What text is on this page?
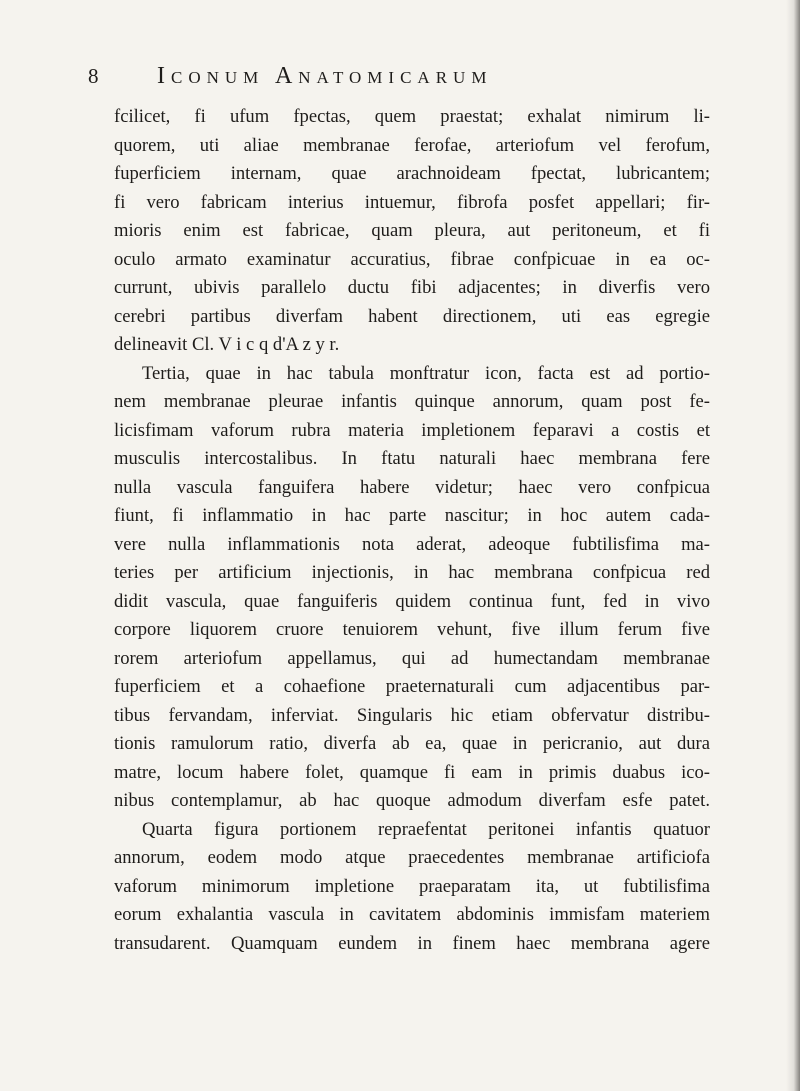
8 Iconum Anatomicarum
fcilicet, fi ufum fpectas, quem praestat; exhalat nimirum li-
quorem, uti aliae membranae ferofae, arteriofum vel ferofum,
fuperficiem internam, quae arachnoideam fpectat, lubricantem;
fi vero fabricam interius intuemur, fibrofa posfet appellari; fir-
mioris enim est fabricae, quam pleura, aut peritoneum, et fi
oculo armato examinatur accuratius, fibrae confpicuae in ea oc-
currunt, ubivis parallelo ductu fibi adjacentes; in diverfis vero
cerebri partibus diverfam habent directionem, uti eas egregie
delineavit Cl. V i c q d'A z y r.
Tertia, quae in hac tabula monftratur icon, facta est ad portio-
nem membranae pleurae infantis quinque annorum, quam post fe-
licisfimam vaforum rubra materia impletionem feparavi a costis et
musculis intercostalibus. In ftatu naturali haec membrana fere
nulla vascula fanguifera habere videtur; haec vero confpicua
fiunt, fi inflammatio in hac parte nascitur; in hoc autem cada-
vere nulla inflammationis nota aderat, adeoque fubtilisfima ma-
teries per artificium injectionis, in hac membrana confpicua red
didit vascula, quae fanguiferis quidem continua funt, fed in vivo
corpore liquorem cruore tenuiorem vehunt, five illum ferum five
rorem arteriofum appellamus, qui ad humectandam membranae
fuperficiem et a cohaefione praeternaturali cum adjacentibus par-
tibus fervandam, inferviat. Singularis hic etiam obfervatur distribu-
tionis ramulorum ratio, diverfa ab ea, quae in pericranio, aut dura
matre, locum habere folet, quamque fi eam in primis duabus ico-
nibus contemplamur, ab hac quoque admodum diverfam esfe patet.
Quarta figura portionem repraefentat peritonei infantis quatuor
annorum, eodem modo atque praecedentes membranae artificiofa
vaforum minimorum impletione praeparatam ita, ut fubtilisfima
eorum exhalantia vascula in cavitatem abdominis immisfam materiem
transudarent. Quamquam eundem in finem haec membrana agere
